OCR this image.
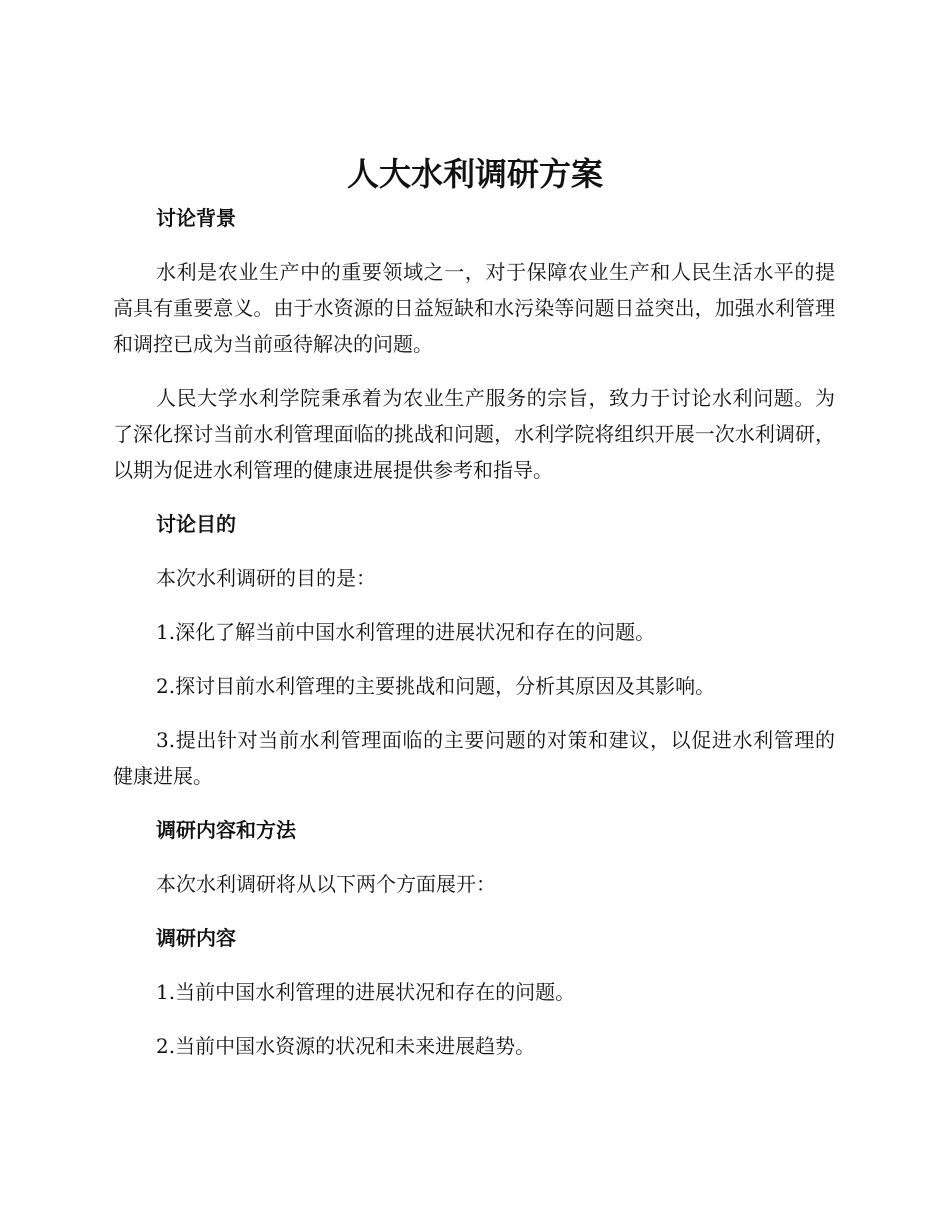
人大水利调研方案

讨论背景

水利是农业生产中的重要领域之一，对于保障农业生产和人民生活水平的提高具有重要意义。由于水资源的日益短缺和水污染等问题日益突出，加强水利管理和调控已成为当前亟待解决的问题。

人民大学水利学院秉承着为农业生产服务的宗旨，致力于讨论水利问题。为了深化探讨当前水利管理面临的挑战和问题，水利学院将组织开展一次水利调研，以期为促进水利管理的健康进展提供参考和指导。

讨论目的

本次水利调研的目的是：

1.深化了解当前中国水利管理的进展状况和存在的问题。

2.探讨目前水利管理的主要挑战和问题，分析其原因及其影响。

3.提出针对当前水利管理面临的主要问题的对策和建议，以促进水利管理的健康进展。

调研内容和方法

本次水利调研将从以下两个方面展开：

调研内容

1.当前中国水利管理的进展状况和存在的问题。

2.当前中国水资源的状况和未来进展趋势。
